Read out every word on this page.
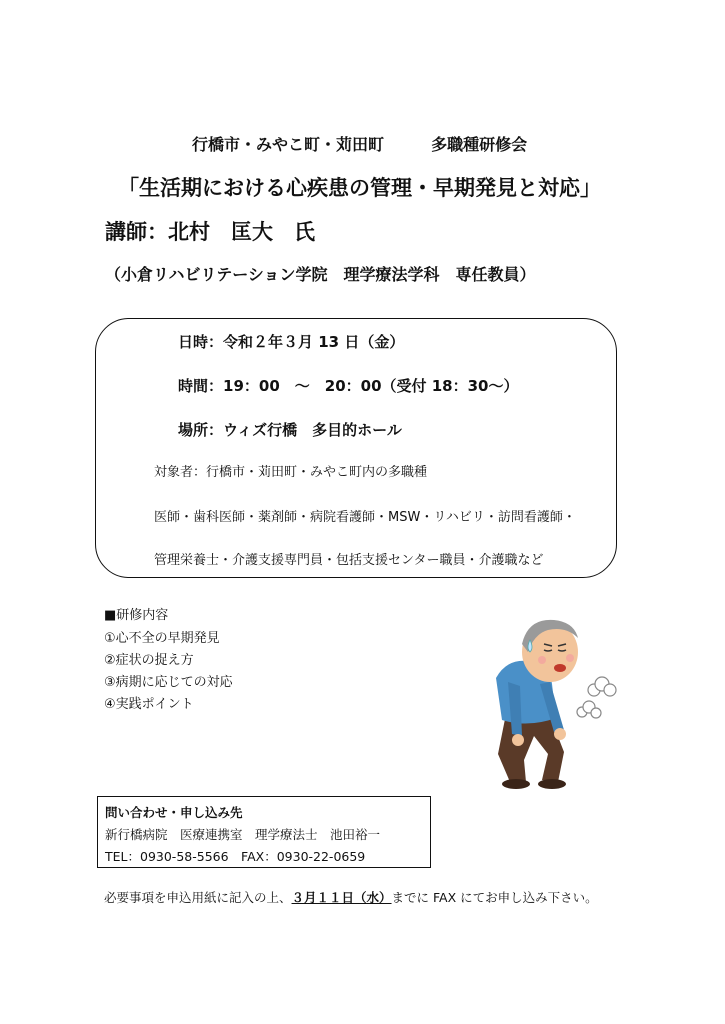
行橋市・みやこ町・苅田町	多職種研修会
「生活期における心疾患の管理・早期発見と対応」
講師：北村　匡大　氏
（小倉リハビリテーション学院　理学療法学科　専任教員）
日時：令和２年３月 13 日（金）
時間：19：00　～　20：00（受付 18：30～）
場所：ウィズ行橋　多目的ホール
対象者：行橋市・苅田町・みやこ町内の多職種
医師・歯科医師・薬剤師・病院看護師・MSW・リハビリ・訪問看護師・
管理栄養士・介護支援専門員・包括支援センター職員・介護職など
■研修内容
①心不全の早期発見
②症状の捉え方
③病期に応じての対応
④実践ポイント
問い合わせ・申し込み先
新行橋病院　医療連携室　理学療法士　池田裕一
TEL：0930-58-5566　FAX：0930-22-0659
必要事項を申込用紙に記入の上、３月１１日（水）までに FAX にてお申し込み下さい。
